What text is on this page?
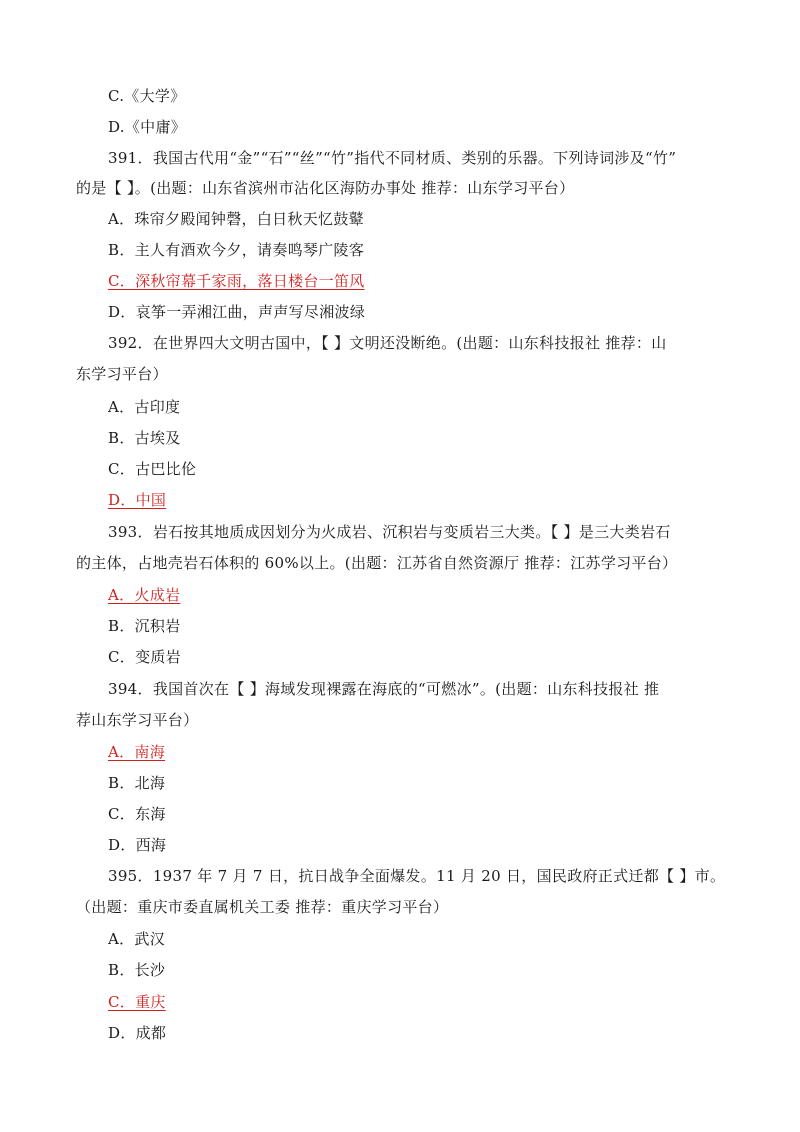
C.《大学》
D.《中庸》
391．我国古代用“金”“石”“丝”“竹”指代不同材质、类别的乐器。下列诗词涉及“竹”
的是【 】。(出题：山东省滨州市沾化区海防办事处 推荐：山东学习平台）
A．珠帘夕殿闻钟磬，白日秋天忆鼓鼙
B．主人有酒欢今夕，请奏鸣琴广陵客
C．深秋帘幕千家雨，落日楼台一笛风
D．哀筝一弄湘江曲，声声写尽湘波绿
392．在世界四大文明古国中，【 】文明还没断绝。(出题：山东科技报社 推荐：山
东学习平台）
A．古印度
B．古埃及
C．古巴比伦
D．中国
393．岩石按其地质成因划分为火成岩、沉积岩与变质岩三大类。【 】是三大类岩石
的主体，占地壳岩石体积的 60%以上。(出题：江苏省自然资源厅 推荐：江苏学习平台）
A．火成岩
B．沉积岩
C．变质岩
394．我国首次在【 】海域发现裸露在海底的“可燃冰”。(出题：山东科技报社 推
荐山东学习平台）
A．南海
B．北海
C．东海
D．西海
395．1937 年 7 月 7 日，抗日战争全面爆发。11 月 20 日，国民政府正式迁都【 】市。
（出题：重庆市委直属机关工委 推荐：重庆学习平台）
A．武汉
B．长沙
C．重庆
D．成都
